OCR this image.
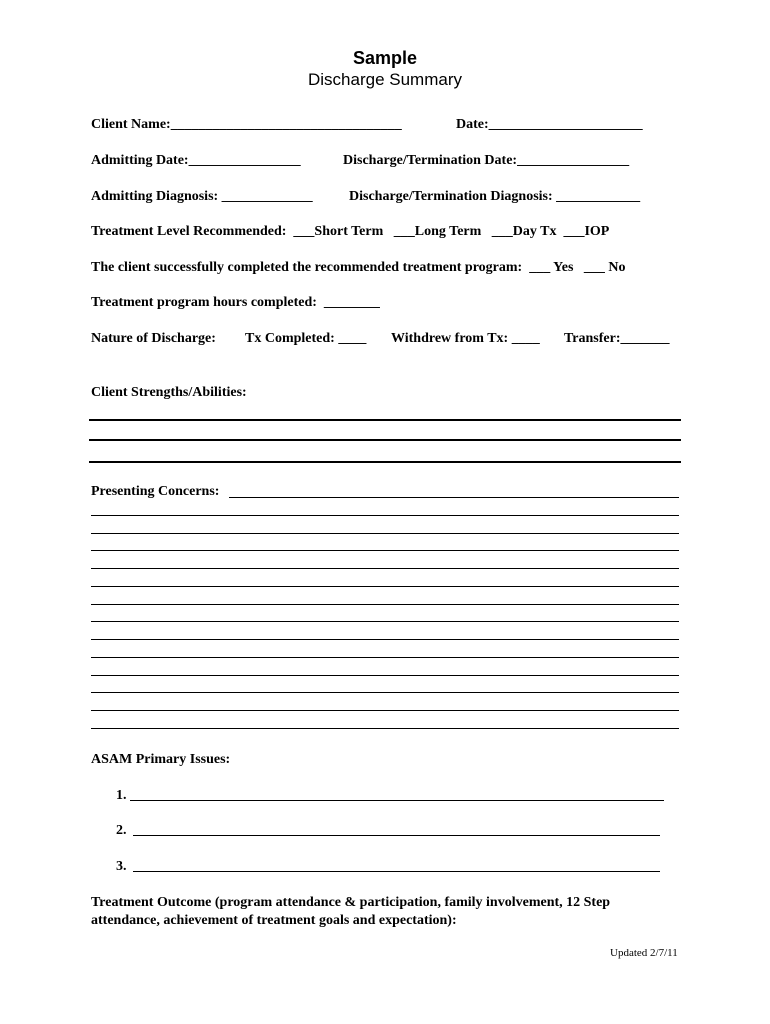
Sample
Discharge Summary
Client Name:_________________________________	Date:______________________
Admitting Date:________________	Discharge/Termination Date:________________
Admitting Diagnosis: _____________	Discharge/Termination Diagnosis: ____________
Treatment Level Recommended:  ___Short Term   ___Long Term   ___Day Tx  ___IOP
The client successfully completed the recommended treatment program:  ___ Yes   ___ No
Treatment program hours completed:  ________
Nature of Discharge: Tx Completed: ____ Withdrew from Tx: ____ Transfer:_______
Client Strengths/Abilities:
Presenting Concerns:
ASAM Primary Issues:
1.
2.
3.
Treatment Outcome (program attendance & participation, family involvement, 12 Step
attendance, achievement of treatment goals and expectation):
Updated 2/7/11
